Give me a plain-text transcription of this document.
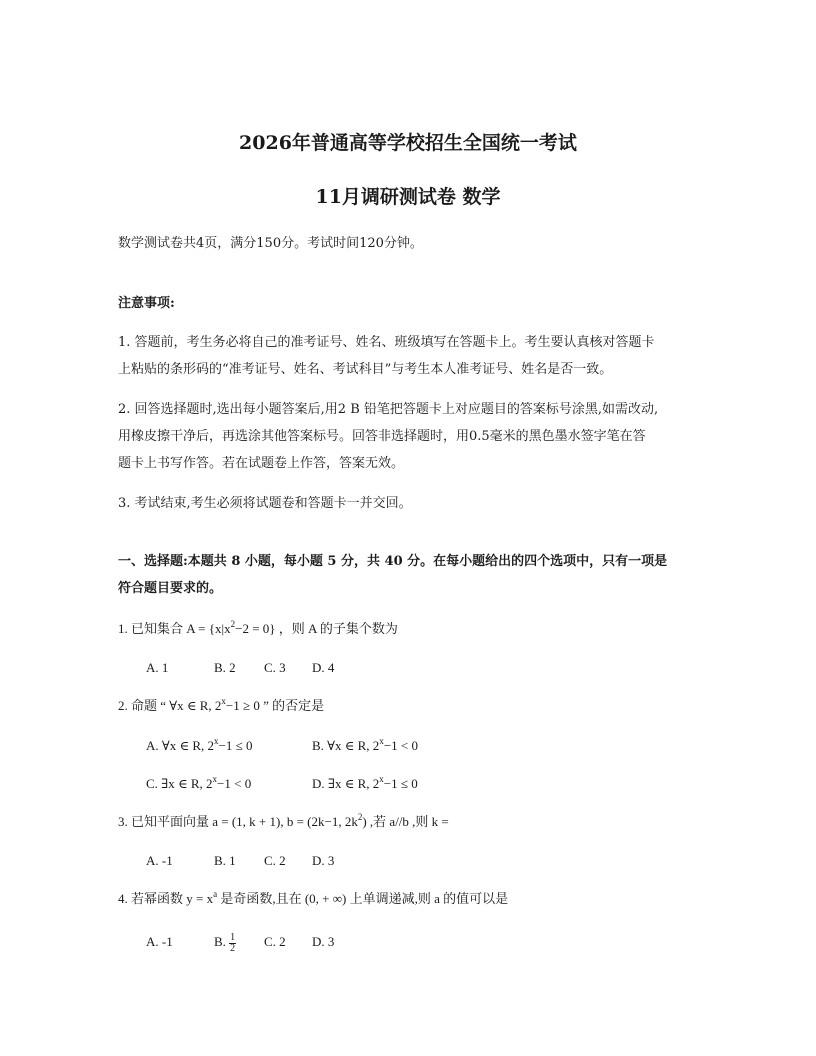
2026年普通高等学校招生全国统一考试
11月调研测试卷 数学
数学测试卷共4页，满分150分。考试时间120分钟。
注意事项:
1. 答题前，考生务必将自己的准考证号、姓名、班级填写在答题卡上。考生要认真核对答题卡
上粘贴的条形码的“准考证号、姓名、考试科目”与考生本人准考证号、姓名是否一致。
2. 回答选择题时,选出每小题答案后,用2 B 铅笔把答题卡上对应题目的答案标号涂黑,如需改动,
用橡皮擦干净后，再选涂其他答案标号。回答非选择题时，用0.5毫米的黑色墨水签字笔在答
题卡上书写作答。若在试题卷上作答，答案无效。
3. 考试结束,考生必须将试题卷和答题卡一并交回。
一、选择题:本题共 8 小题，每小题 5 分，共 40 分。在每小题给出的四个选项中，只有一项是
符合题目要求的。
1. 已知集合 $A = \{x|x^2-2 = 0\}$ ，则 A 的子集个数为
A. 1	B. 2 C. 3 D. 4
2. 命题 “ ∀x ∈ R, $2^x-1 \ge 0$ ” 的否定是
A. ∀x ∈ R, $2^x-1 \le 0$	B. ∀x ∈ R, $2^x-1 < 0$
C. ∃x ∈ R, $2^x-1 < 0$	D. ∃x ∈ R, $2^x-1 \le 0$
3. 已知平面向量 a = (1, k + 1), b = (2k−1, $2k^2$) ,若 a//b ,则 k =
A. -1	B. 1 C. 2 D. 3
4. 若幂函数 $y = x^a$ 是奇函数,且在 (0, + ∞) 上单调递减,则 a 的值可以是
A. -1	B. $\frac{1}{2} C$. 2 D. 3
